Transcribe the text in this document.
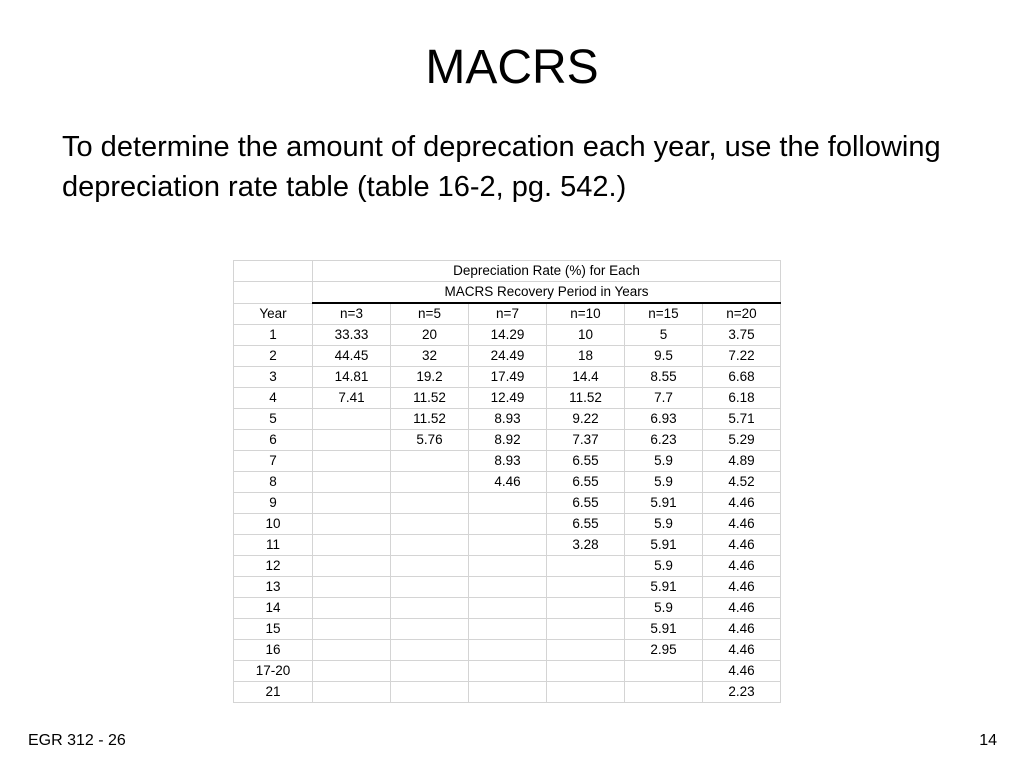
MACRS
To determine the amount of deprecation each year, use the following depreciation rate table (table 16-2, pg. 542.)
	Depreciation Rate (%) for Each					
	MACRS Recovery Period in Years					
Year	n=3	n=5	n=7	n=10	n=15	n=20
1	33.33	20	14.29	10	5	3.75
2	44.45	32	24.49	18	9.5	7.22
3	14.81	19.2	17.49	14.4	8.55	6.68
4	7.41	11.52	12.49	11.52	7.7	6.18
5		11.52	8.93	9.22	6.93	5.71
6		5.76	8.92	7.37	6.23	5.29
7			8.93	6.55	5.9	4.89
8			4.46	6.55	5.9	4.52
9				6.55	5.91	4.46
10				6.55	5.9	4.46
11				3.28	5.91	4.46
12					5.9	4.46
13					5.91	4.46
14					5.9	4.46
15					5.91	4.46
16					2.95	4.46
17-20						4.46
21						2.23
EGR 312 - 26	14
